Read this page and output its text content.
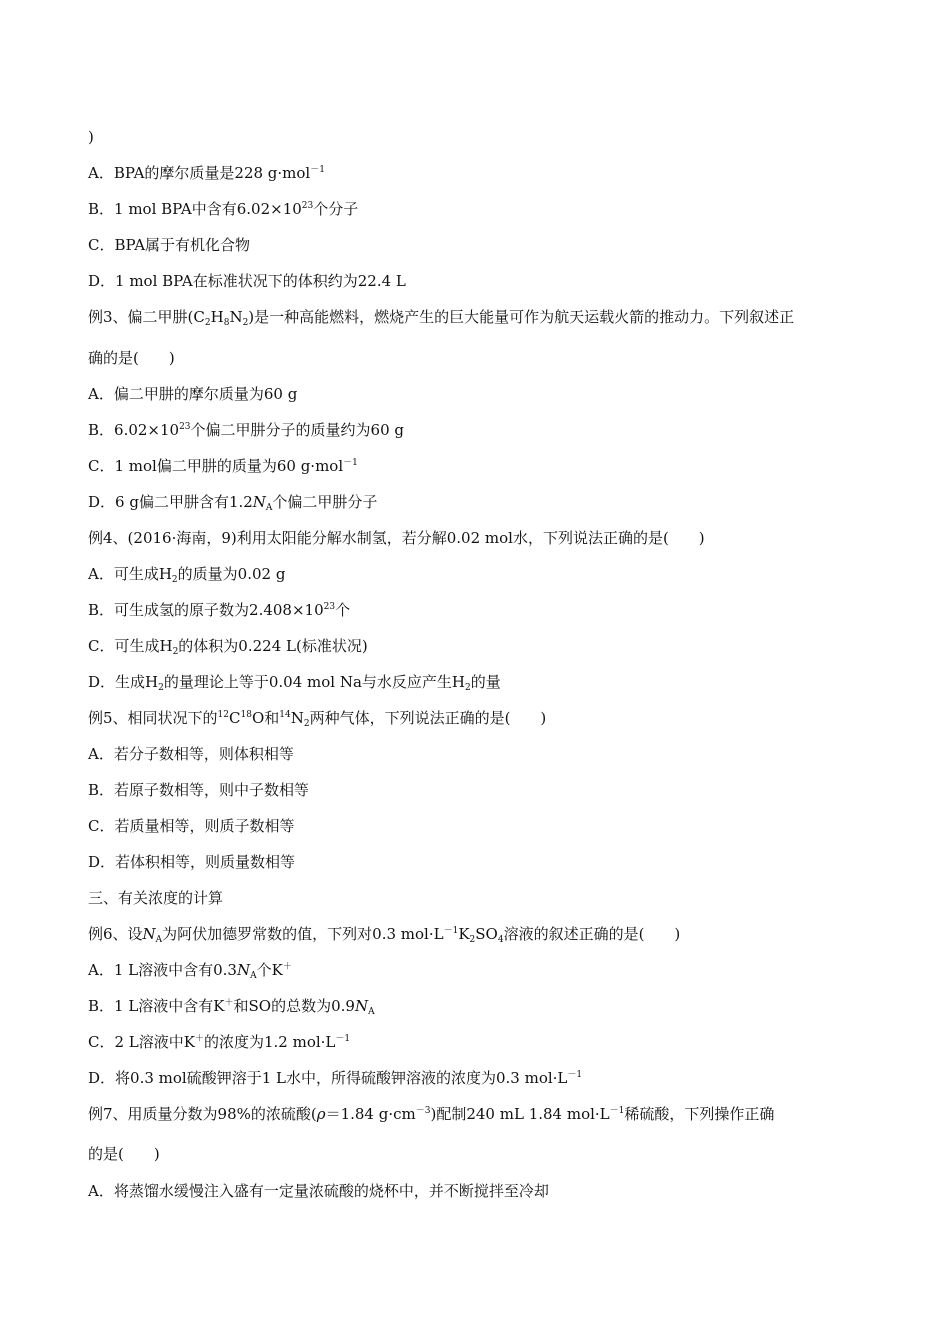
)
A．BPA的摩尔质量是228 g·mol$^{-1}$
B．1 mol BPA中含有$6.02\times 10^{23}$个分子
C．BPA属于有机化合物
D．1 mol BPA在标准状况下的体积约为22.4 L
例3、偏二甲肼$(C_2H_8N_2)$是一种高能燃料，燃烧产生的巨大能量可作为航天运载火箭的推动力。下列叙述正
确的是(　　)
A．偏二甲肼的摩尔质量为60 g
B．$6.02\times 10^{23}$个偏二甲肼分子的质量约为60 g
C．1 mol偏二甲肼的质量为60 g·mol$^{-1}$
D．6 g偏二甲肼含有$1.2N_A$个偏二甲肼分子
例4、(2016·海南，9)利用太阳能分解水制氢，若分解0.02 mol水，下列说法正确的是(　　)
A．可生成$H_2$的质量为0.02 g
B．可生成氢的原子数为$2.408\times 10^{23}$个
C．可生成$H_2$的体积为0.224 L(标准状况)
D．生成$H_2$的量理论上等于0.04 mol Na与水反应产生$H_2$的量
例5、相同状况下的$^{12}C^{18}O$和$^{14}N_2$两种气体，下列说法正确的是(　　)
A．若分子数相等，则体积相等
B．若原子数相等，则中子数相等
C．若质量相等，则质子数相等
D．若体积相等，则质量数相等
三、有关浓度的计算
例6、设$N_A$为阿伏加德罗常数的值，下列对0.3 $mol\cdot L^{-1}K_2SO_4$溶液的叙述正确的是(　　)
A．1 L溶液中含有$0.3N_A$个K＋
B．1 L溶液中含有K＋和SO的总数为$0.9N_A$
C．2 L溶液中K＋的浓度为1.2 $mol\cdot L^{-1}$
D．将0.3 mol硫酸钾溶于1 L水中，所得硫酸钾溶液的浓度为0.3 $mol\cdot L^{-1}$
例7、用质量分数为98%的浓硫酸(ρ＝1.84 $g\cdot cm^{-3}$)配制240 mL 1.84 $mol\cdot L^{-1}$稀硫酸，下列操作正确
的是(　　)
A．将蒸馏水缓慢注入盛有一定量浓硫酸的烧杯中，并不断搅拌至冷却
